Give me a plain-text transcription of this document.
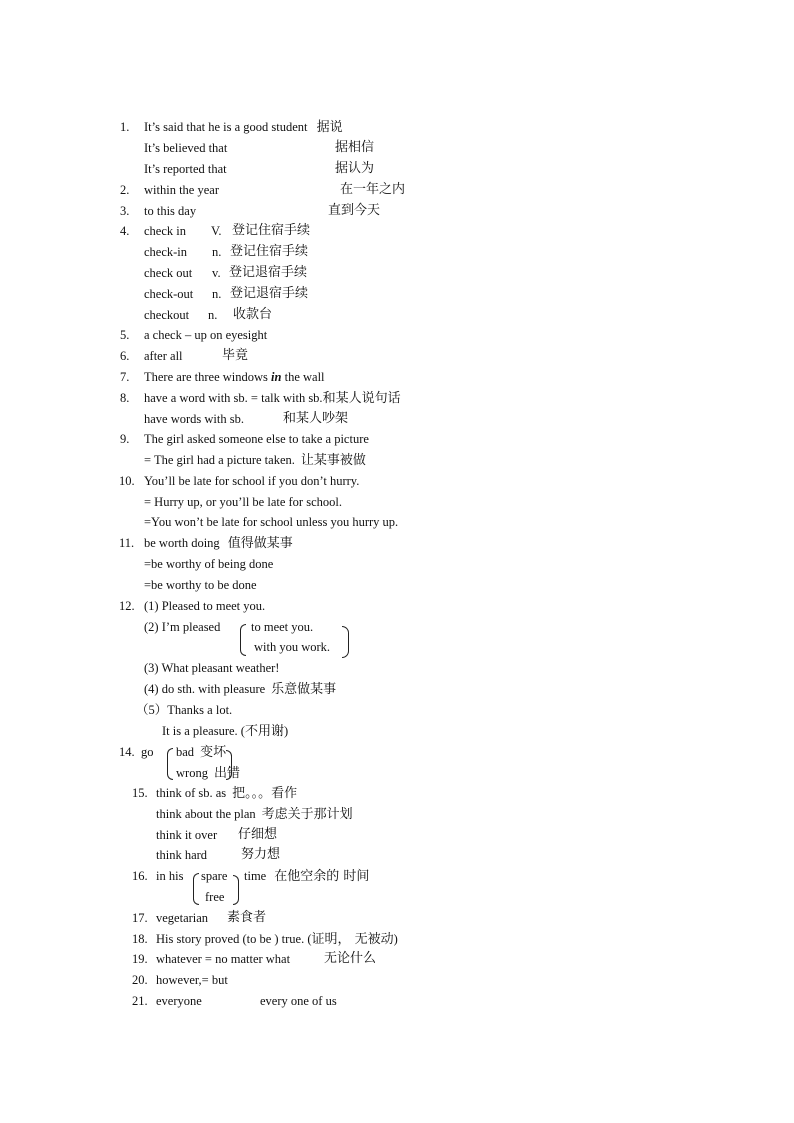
1. It’s said that he is a good student 据说
It’s believed that	据相信
It’s reported that	据认为
2. within the year	在一年之内
3. to this day	直到今天
4. check in V. 登记住宿手续
check-in n. 登记住宿手续
check out v. 登记退宿手续
check-out n. 登记退宿手续
checkout n. 收款台
5. a check – up on eyesight
6. after all	毕竟
7. There are three windows in the wall
8. have a word with sb. = talk with sb.和某人说句话
have words with sb.	和某人吵架
9. The girl asked someone else to take a picture
= The girl had a picture taken. 让某事被做
10. You’ll be late for school if you don’t hurry.
= Hurry up, or you’ll be late for school.
=You won’t be late for school unless you hurry up.
11. be worth doing 值得做某事
=be worthy of being done
=be worthy to be done
12. (1) Pleased to meet you.
(2) I’m pleased to meet you.
with you work.
(3) What pleasant weather!
(4) do sth. with pleasure 乐意做某事
（5）Thanks a lot.
It is a pleasure. (不用谢)
14. go bad 变坏
wrong 出错
15. think of sb. as 把。。。看作
think about the plan 考虑关于那计划
think it over 仔细想
think hard	努力想
16. in his spare
free
time 在他空余的 时间
17. vegetarian 素食者
18. His story proved (to be ) true. (证明， 无被动)
19. whatever = no matter what	无论什么
20. however,= but
21. everyone	every one of us
